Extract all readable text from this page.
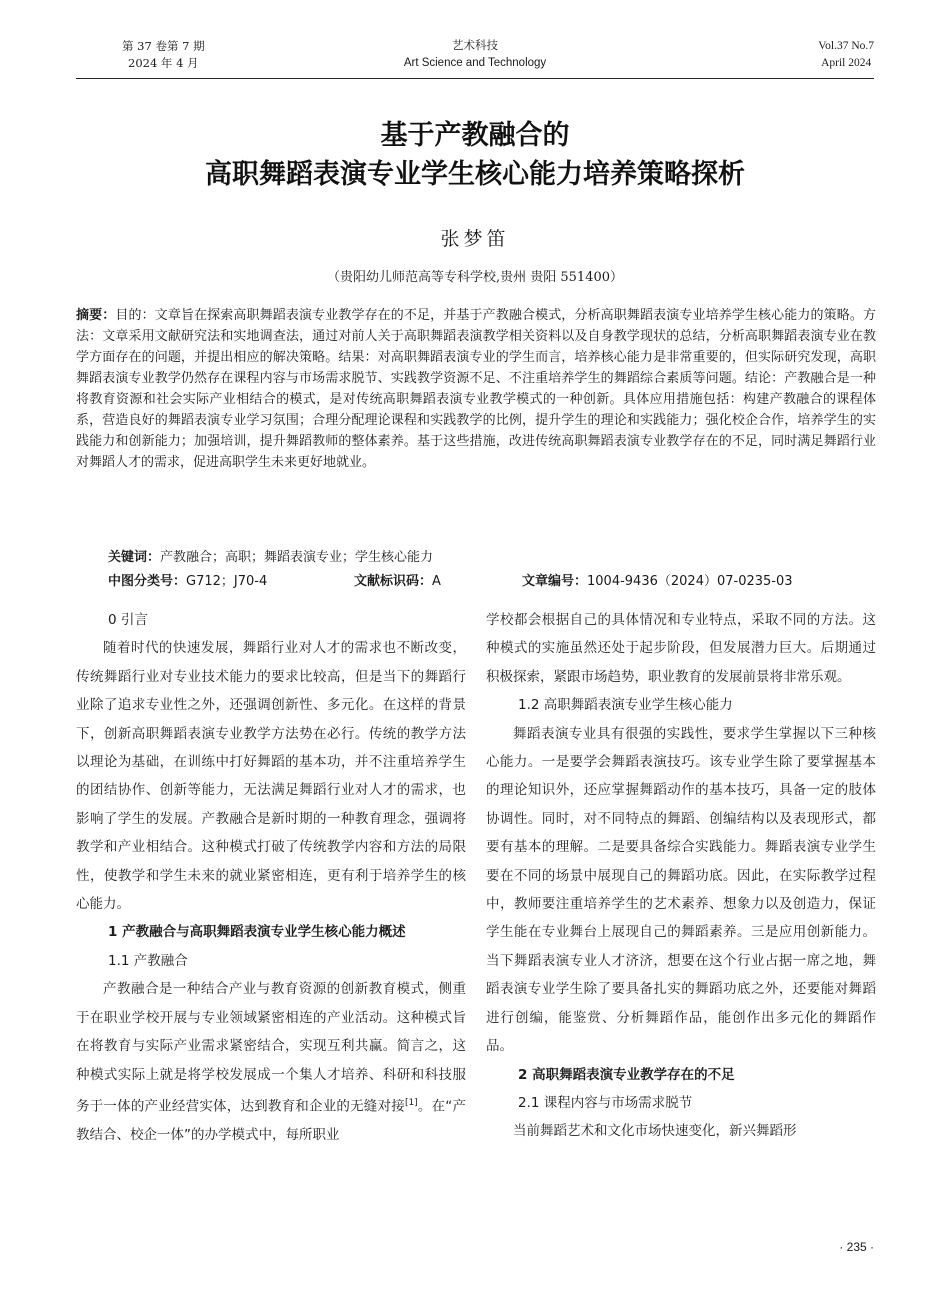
第 37 卷第 7 期
2024 年 4 月
艺术科技
Art Science and Technology
Vol.37 No.7
April 2024
基于产教融合的
高职舞蹈表演专业学生核心能力培养策略探析
张梦笛
（贵阳幼儿师范高等专科学校,贵州 贵阳 551400）
摘要：目的：文章旨在探索高职舞蹈表演专业教学存在的不足，并基于产教融合模式，分析高职舞蹈表演专业培养学生核心能力的策略。方法：文章采用文献研究法和实地调查法，通过对前人关于高职舞蹈表演教学相关资料以及自身教学现状的总结，分析高职舞蹈表演专业在教学方面存在的问题，并提出相应的解决策略。结果：对高职舞蹈表演专业的学生而言，培养核心能力是非常重要的，但实际研究发现，高职舞蹈表演专业教学仍然存在课程内容与市场需求脱节、实践教学资源不足、不注重培养学生的舞蹈综合素质等问题。结论：产教融合是一种将教育资源和社会实际产业相结合的模式，是对传统高职舞蹈表演专业教学模式的一种创新。具体应用措施包括：构建产教融合的课程体系，营造良好的舞蹈表演专业学习氛围；合理分配理论课程和实践教学的比例，提升学生的理论和实践能力；强化校企合作，培养学生的实践能力和创新能力；加强培训，提升舞蹈教师的整体素养。基于这些措施，改进传统高职舞蹈表演专业教学存在的不足，同时满足舞蹈行业对舞蹈人才的需求，促进高职学生未来更好地就业。
关键词：产教融合；高职；舞蹈表演专业；学生核心能力
中图分类号：G712；J70-4	文献标识码：A	文章编号：1004-9436（2024）07-0235-03
0 引言

随着时代的快速发展，舞蹈行业对人才的需求也不断改变，传统舞蹈行业对专业技术能力的要求比较高，但是当下的舞蹈行业除了追求专业性之外，还强调创新性、多元化。在这样的背景下，创新高职舞蹈表演专业教学方法势在必行。传统的教学方法以理论为基础，在训练中打好舞蹈的基本功，并不注重培养学生的团结协作、创新等能力，无法满足舞蹈行业对人才的需求，也影响了学生的发展。产教融合是新时期的一种教育理念，强调将教学和产业相结合。这种模式打破了传统教学内容和方法的局限性，使教学和学生未来的就业紧密相连，更有利于培养学生的核心能力。

1 产教融合与高职舞蹈表演专业学生核心能力概述
1.1 产教融合

产教融合是一种结合产业与教育资源的创新教育模式，侧重于在职业学校开展与专业领域紧密相连的产业活动。这种模式旨在将教育与实际产业需求紧密结合，实现互利共赢。简言之，这种模式实际上就是将学校发展成一个集人才培养、科研和科技服务于一体的产业经营实体，达到教育和企业的无缝对接[1]。在“产教结合、校企一体”的办学模式中，每所职业

学校都会根据自己的具体情况和专业特点，采取不同的方法。这种模式的实施虽然还处于起步阶段，但发展潜力巨大。后期通过积极探索，紧跟市场趋势，职业教育的发展前景将非常乐观。

1.2 高职舞蹈表演专业学生核心能力

舞蹈表演专业具有很强的实践性，要求学生掌握以下三种核心能力。一是要学会舞蹈表演技巧。该专业学生除了要掌握基本的理论知识外，还应掌握舞蹈动作的基本技巧，具备一定的肢体协调性。同时，对不同特点的舞蹈、创编结构以及表现形式，都要有基本的理解。二是要具备综合实践能力。舞蹈表演专业学生要在不同的场景中展现自己的舞蹈功底。因此，在实际教学过程中，教师要注重培养学生的艺术素养、想象力以及创造力，保证学生能在专业舞台上展现自己的舞蹈素养。三是应用创新能力。当下舞蹈表演专业人才济济，想要在这个行业占据一席之地，舞蹈表演专业学生除了要具备扎实的舞蹈功底之外，还要能对舞蹈进行创编，能鉴赏、分析舞蹈作品，能创作出多元化的舞蹈作品。

2 高职舞蹈表演专业教学存在的不足
2.1 课程内容与市场需求脱节

当前舞蹈艺术和文化市场快速变化，新兴舞蹈形

· 235 ·
